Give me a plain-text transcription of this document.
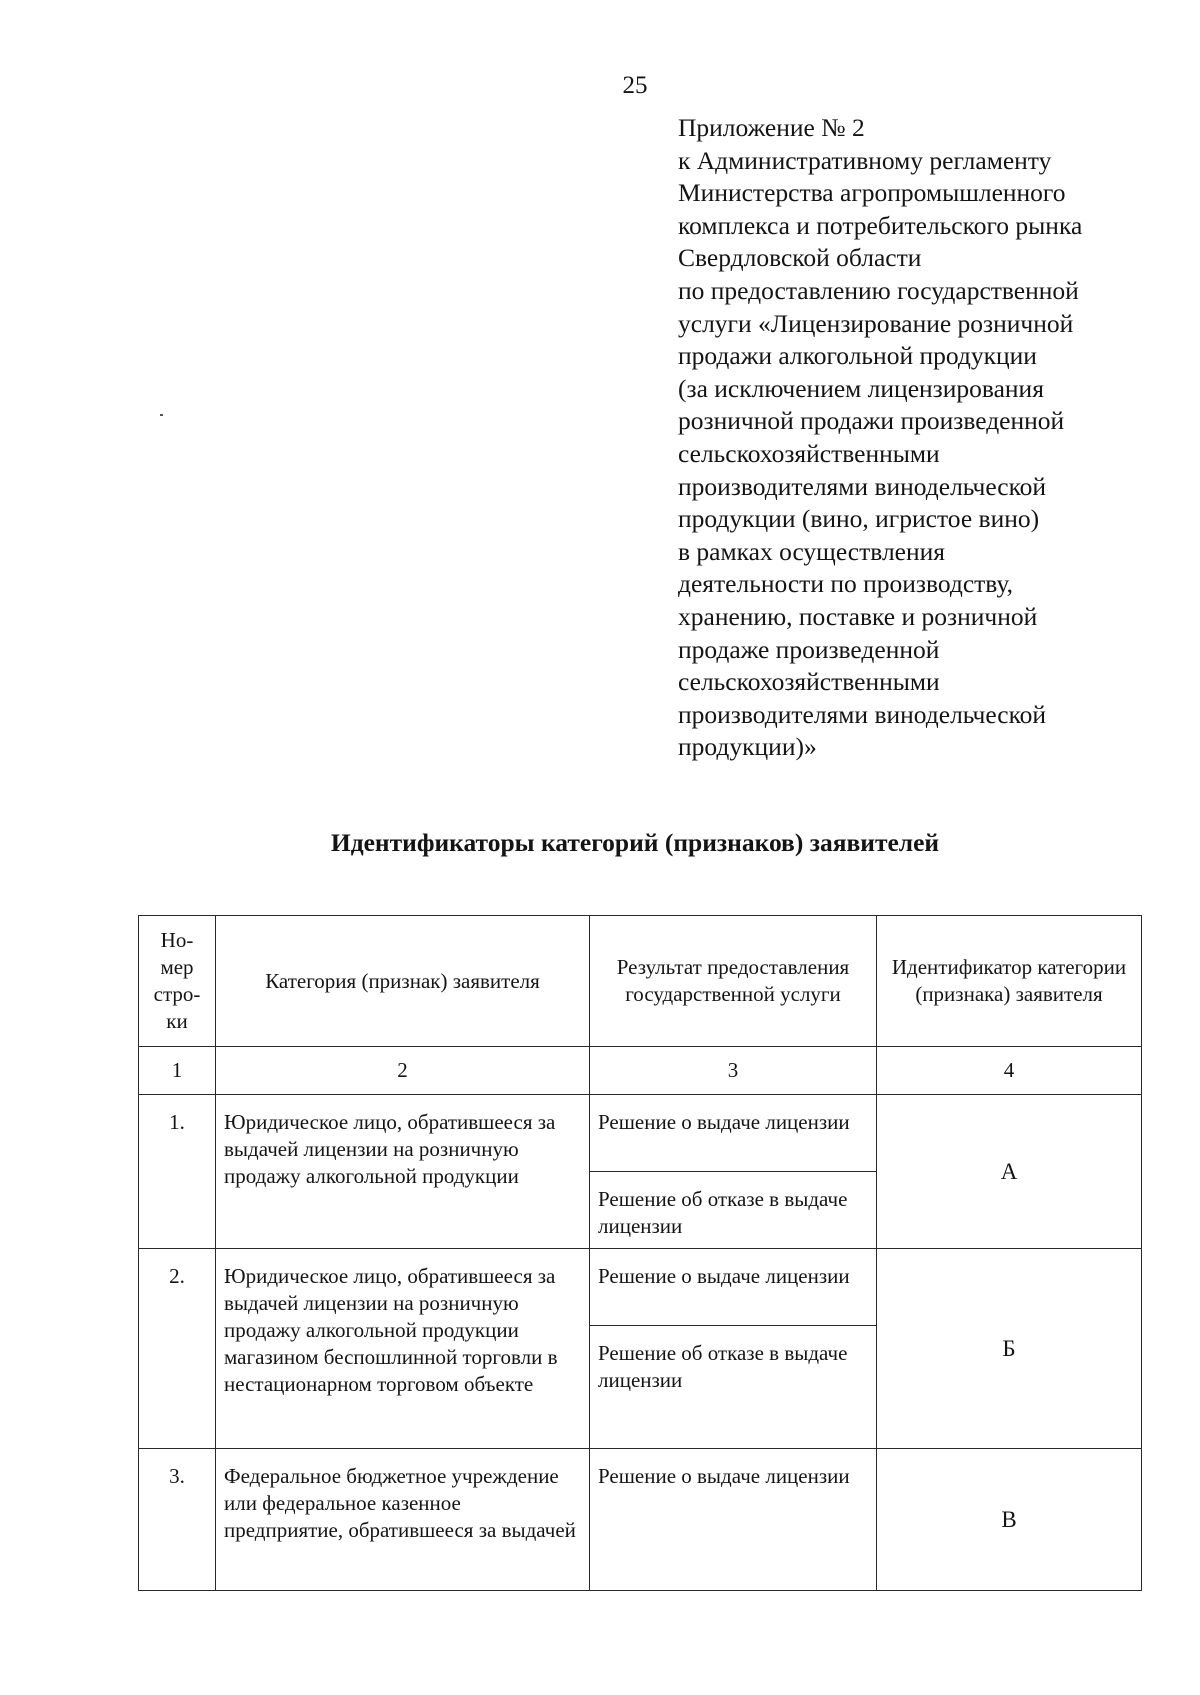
25
Приложение № 2
к Административному регламенту
Министерства агропромышленного
комплекса и потребительского рынка
Свердловской области
по предоставлению государственной
услуги «Лицензирование розничной
продажи алкогольной продукции
(за исключением лицензирования
розничной продажи произведенной
сельскохозяйственными
производителями винодельческой
продукции (вино, игристое вино)
в рамках осуществления
деятельности по производству,
хранению, поставке и розничной
продаже произведенной
сельскохозяйственными
производителями винодельческой
продукции)»
Идентификаторы категорий (признаков) заявителей
Но-
мер
стро-
ки	Категория (признак) заявителя	Результат предоставления государственной услуги	Идентификатор категории (признака) заявителя
1	2	3	4
1.	Юридическое лицо, обратившееся за выдачей лицензии на розничную продажу алкогольной продукции	Решение о выдаче лицензии	А
		Решение об отказе в выдаче лицензии	
2.	Юридическое лицо, обратившееся за выдачей лицензии на розничную продажу алкогольной продукции магазином беспошлинной торговли в нестационарном торговом объекте	Решение о выдаче лицензии	Б
		Решение об отказе в выдаче лицензии	
3.	Федеральное бюджетное учреждение или федеральное казенное предприятие, обратившееся за выдачей	Решение о выдаче лицензии	В
